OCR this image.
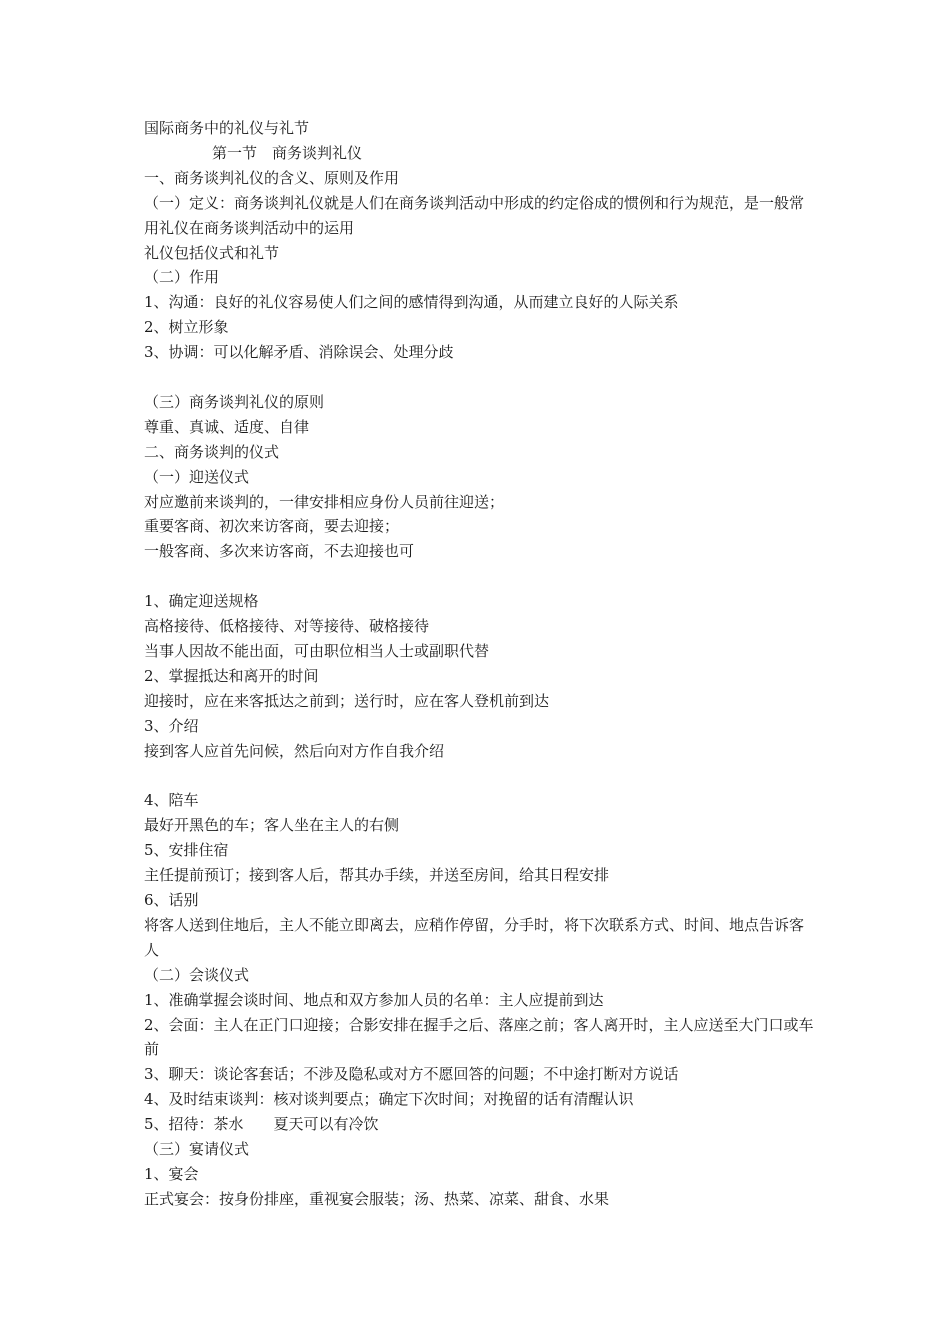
国际商务中的礼仪与礼节
第一节　商务谈判礼仪
一、商务谈判礼仪的含义、原则及作用
（一）定义：商务谈判礼仪就是人们在商务谈判活动中形成的约定俗成的惯例和行为规范，是一般常用礼仪在商务谈判活动中的运用
礼仪包括仪式和礼节
（二）作用
1、沟通：良好的礼仪容易使人们之间的感情得到沟通，从而建立良好的人际关系
2、树立形象
3、协调：可以化解矛盾、消除误会、处理分歧
（三）商务谈判礼仪的原则
尊重、真诚、适度、自律
二、商务谈判的仪式
（一）迎送仪式
对应邀前来谈判的，一律安排相应身份人员前往迎送；
重要客商、初次来访客商，要去迎接；
一般客商、多次来访客商，不去迎接也可
1、确定迎送规格
高格接待、低格接待、对等接待、破格接待
当事人因故不能出面，可由职位相当人士或副职代替
2、掌握抵达和离开的时间
迎接时，应在来客抵达之前到；送行时，应在客人登机前到达
3、介绍
接到客人应首先问候，然后向对方作自我介绍
4、陪车
最好开黑色的车；客人坐在主人的右侧
5、安排住宿
主任提前预订；接到客人后，帮其办手续，并送至房间，给其日程安排
6、话别
将客人送到住地后，主人不能立即离去，应稍作停留，分手时，将下次联系方式、时间、地点告诉客人
（二）会谈仪式
1、准确掌握会谈时间、地点和双方参加人员的名单：主人应提前到达
2、会面：主人在正门口迎接；合影安排在握手之后、落座之前；客人离开时，主人应送至大门口或车前
3、聊天：谈论客套话；不涉及隐私或对方不愿回答的问题；不中途打断对方说话
4、及时结束谈判：核对谈判要点；确定下次时间；对挽留的话有清醒认识
5、招待：茶水　　夏天可以有冷饮
（三）宴请仪式
1、宴会
正式宴会：按身份排座，重视宴会服装；汤、热菜、凉菜、甜食、水果
